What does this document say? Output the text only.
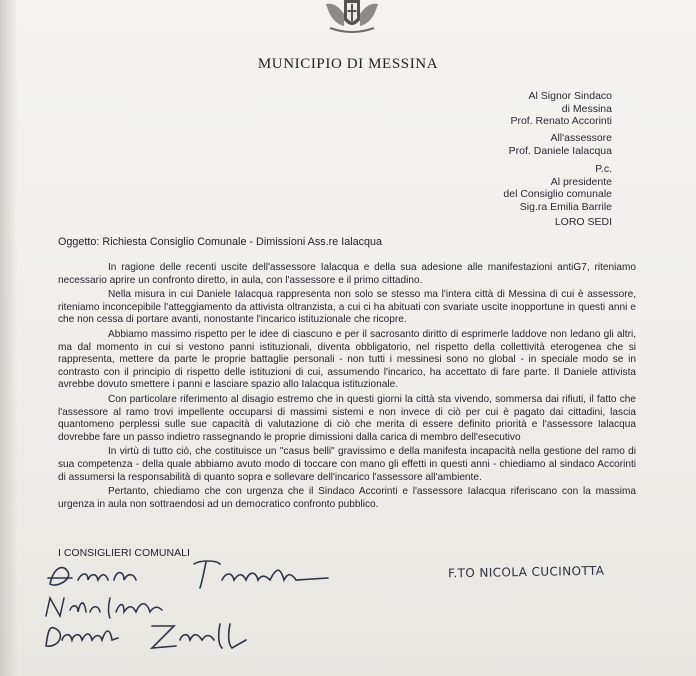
MUNICIPIO DI MESSINA
Al Signor Sindaco
di Messina
Prof. Renato Accorinti
All'assessore
Prof. Daniele Ialacqua
P.c.
Al presidente
del Consiglio comunale
Sig.ra Emilia Barrile
LORO SEDI
Oggetto: Richiesta Consiglio Comunale - Dimissioni Ass.re Ialacqua

In ragione delle recenti uscite dell'assessore Ialacqua e della sua adesione alle manifestazioni antiG7, riteniamo necessario aprire un confronto diretto, in aula, con l'assessore e il primo cittadino.

Nella misura in cui Daniele Ialacqua rappresenta non solo se stesso ma l'intera città di Messina di cui è assessore, riteniamo inconcepibile l'atteggiamento da attivista oltranzista, a cui ci ha abituati con svariate uscite inopportune in questi anni e che non cessa di portare avanti, nonostante l'incarico istituzionale che ricopre.

Abbiamo massimo rispetto per le idee di ciascuno e per il sacrosanto diritto di esprimerle laddove non ledano gli altri, ma dal momento in cui si vestono panni istituzionali, diventa obbligatorio, nel rispetto della collettività eterogenea che si rappresenta, mettere da parte le proprie battaglie personali - non tutti i messinesi sono no global - in speciale modo se in contrasto con il principio di rispetto delle istituzioni di cui, assumendo l'incarico, ha accettato di fare parte. Il Daniele attivista avrebbe dovuto smettere i panni e lasciare spazio allo Ialacqua istituzionale.

Con particolare riferimento al disagio estremo che in questi giorni la città sta vivendo, sommersa dai rifiuti, il fatto che l'assessore al ramo trovi impellente occuparsi di massimi sistemi e non invece di ciò per cui è pagato dai cittadini, lascia quantomeno perplessi sulle sue capacità di valutazione di ciò che merita di essere definito priorità e l'assessore Ialacqua dovrebbe fare un passo indietro rassegnando le proprie dimissioni dalla carica di membro dell'esecutivo

In virtù di tutto ciò, che costituisce un "casus belli" gravissimo e della manifesta incapacità nella gestione del ramo di sua competenza - della quale abbiamo avuto modo di toccare con mano gli effetti in questi anni - chiediamo al sindaco Accorinti di assumersi la responsabilità di quanto sopra e sollevare dell'incarico l'assessore all'ambiente.

Pertanto, chiediamo che con urgenza che il Sindaco Accorinti e l'assessore Ialacqua riferiscano con la massima urgenza in aula non sottraendosi ad un democratico confronto pubblico.

I CONSIGLIERI COMUNALI
F.TO NICOLA CUCINOTTA
